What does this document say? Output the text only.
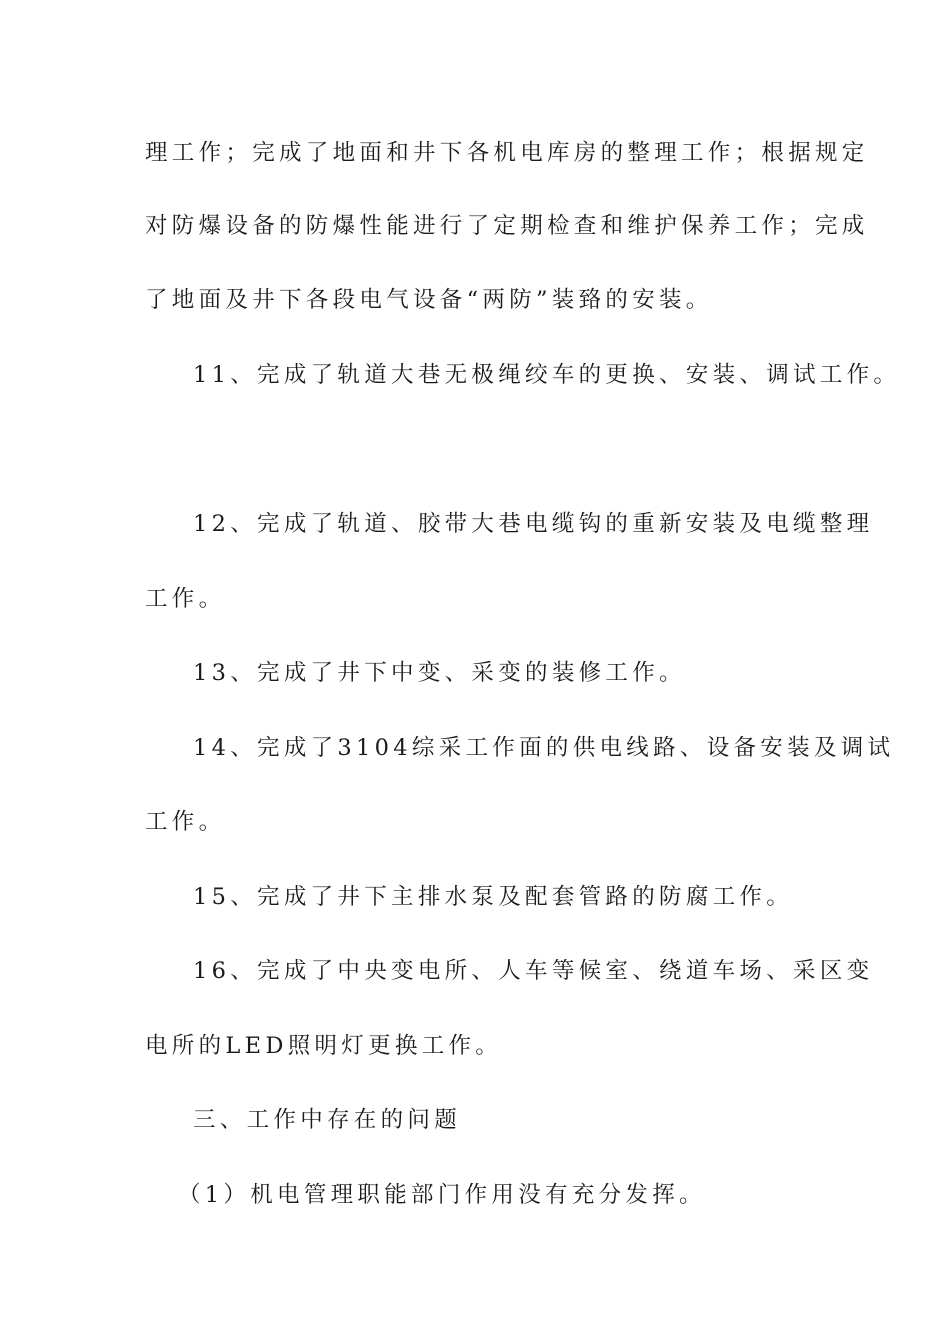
理工作；完成了地面和井下各机电库房的整理工作；根据规定
对防爆设备的防爆性能进行了定期检查和维护保养工作；完成
了地面及井下各段电气设备“两防”装臵的安装。
11、完成了轨道大巷无极绳绞车的更换、安装、调试工作。
12、完成了轨道、胶带大巷电缆钩的重新安装及电缆整理
工作。
13、完成了井下中变、采变的装修工作。
14、完成了3104综采工作面的供电线路、设备安装及调试
工作。
15、完成了井下主排水泵及配套管路的防腐工作。
16、完成了中央变电所、人车等候室、绕道车场、采区变
电所的LED照明灯更换工作。
三、工作中存在的问题
（1）机电管理职能部门作用没有充分发挥。
